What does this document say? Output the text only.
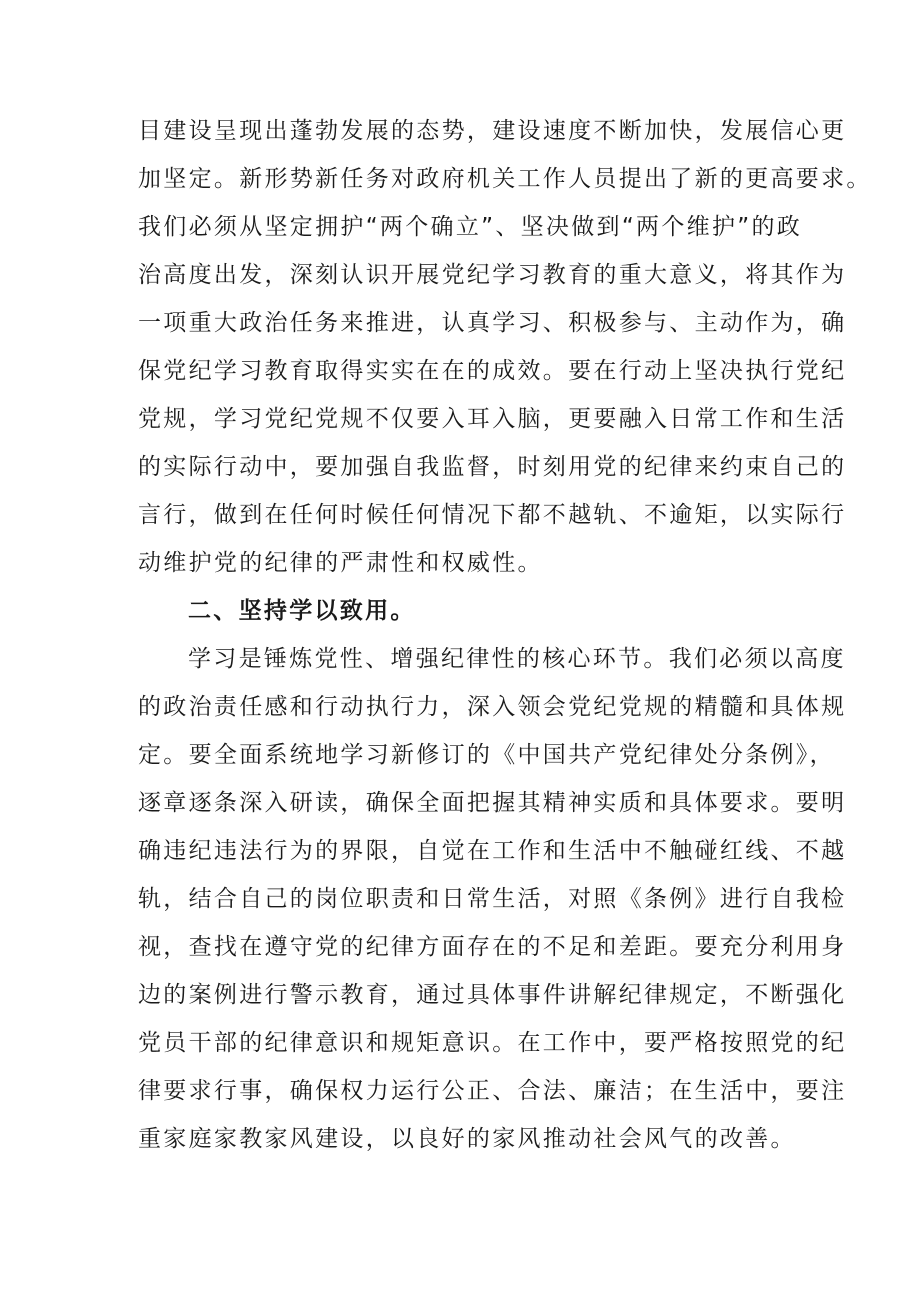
目建设呈现出蓬勃发展的态势，建设速度不断加快，发展信心更
加坚定。新形势新任务对政府机关工作人员提出了新的更高要求。
我们必须从坚定拥护“两个确立”、坚决做到“两个维护”的政
治高度出发，深刻认识开展党纪学习教育的重大意义，将其作为
一项重大政治任务来推进，认真学习、积极参与、主动作为，确
保党纪学习教育取得实实在在的成效。要在行动上坚决执行党纪
党规，学习党纪党规不仅要入耳入脑，更要融入日常工作和生活
的实际行动中，要加强自我监督，时刻用党的纪律来约束自己的
言行，做到在任何时候任何情况下都不越轨、不逾矩，以实际行
动维护党的纪律的严肃性和权威性。
二、坚持学以致用。
学习是锤炼党性、增强纪律性的核心环节。我们必须以高度
的政治责任感和行动执行力，深入领会党纪党规的精髓和具体规
定。要全面系统地学习新修订的《中国共产党纪律处分条例》，
逐章逐条深入研读，确保全面把握其精神实质和具体要求。要明
确违纪违法行为的界限，自觉在工作和生活中不触碰红线、不越
轨，结合自己的岗位职责和日常生活，对照《条例》进行自我检
视，查找在遵守党的纪律方面存在的不足和差距。要充分利用身
边的案例进行警示教育，通过具体事件讲解纪律规定，不断强化
党员干部的纪律意识和规矩意识。在工作中，要严格按照党的纪
律要求行事，确保权力运行公正、合法、廉洁；在生活中，要注
重家庭家教家风建设，以良好的家风推动社会风气的改善。
